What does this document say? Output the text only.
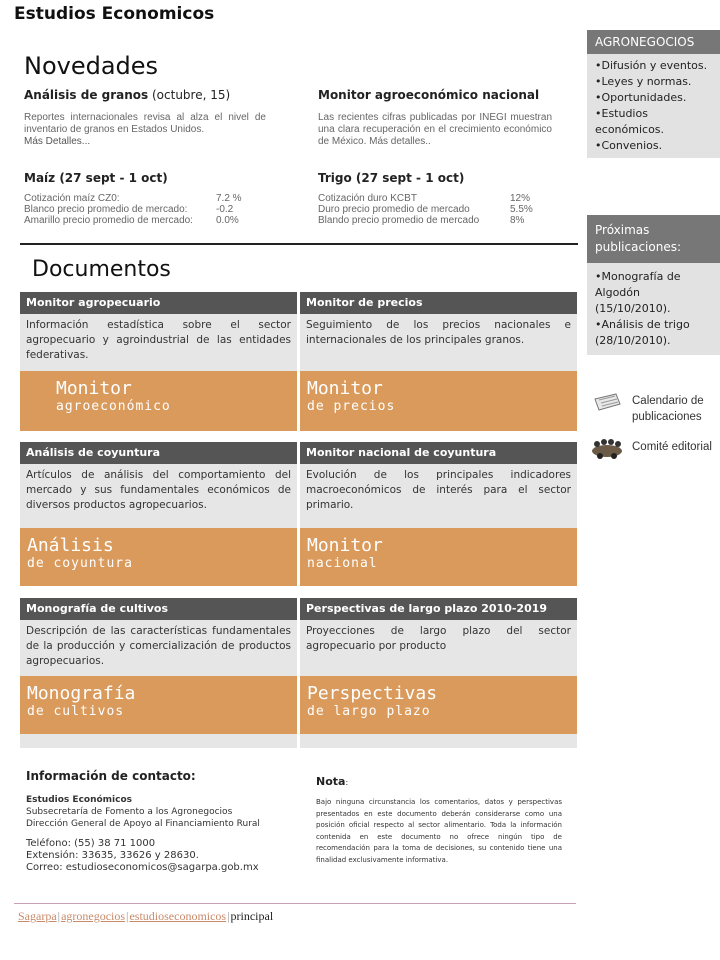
Estudios Economicos
Novedades
Análisis de granos (octubre, 15)
Reportes internacionales revisa al alza el nivel de inventario de granos en Estados Unidos.
Más Detalles...
Monitor agroeconómico nacional
Las recientes cifras publicadas por INEGI muestran una clara recuperación en el crecimiento económico de México. Más detalles..
Maíz (27 sept - 1 oct)
Cotización maíz CZ0:	7.2 %
Blanco precio promedio de mercado:	-0.2
Amarillo precio promedio de mercado:	0.0%
Trigo (27 sept - 1 oct)
Cotización duro KCBT	12%
Duro precio promedio de mercado	5.5%
Blando precio promedio de mercado	8%
Documentos
Monitor agropecuario
Información estadística sobre el sector agropecuario y agroindustrial de las entidades federativas.
Monitor
agroeconómico
Monitor de precios
Seguimiento de los precios nacionales e internacionales de los principales granos.
Monitor
de precios
Análisis de coyuntura
Artículos de análisis del comportamiento del mercado y sus fundamentales económicos de diversos productos agropecuarios.
Análisis
de coyuntura
Monitor nacional de coyuntura
Evolución de los principales indicadores macroeconómicos de interés para el sector primario.
Monitor
nacional
Monografía de cultivos
Descripción de las características fundamentales de la producción y comercialización de productos agropecuarios.
Monografía
de cultivos
Perspectivas de largo plazo 2010-2019
Proyecciones de largo plazo del sector agropecuario por producto
Perspectivas
de largo plazo
AGRONEGOCIOS
•Difusión y eventos.
•Leyes y normas.
•Oportunidades.
•Estudios económicos.
•Convenios.
Próximas publicaciones:
•Monografía de Algodón (15/10/2010).
•Análisis de trigo (28/10/2010).
Calendario de publicaciones
Comité editorial
Información de contacto:
Estudios Económicos
Subsecretaría de Fomento a los Agronegocios
Dirección General de Apoyo al Financiamiento Rural
Teléfono: (55) 38 71 1000
Extensión: 33635, 33626 y 28630.
Correo: estudioseconomicos@sagarpa.gob.mx
Nota:
Bajo ninguna circunstancia los comentarios, datos y perspectivas presentados en este documento deberán considerarse como una posición oficial respecto al sector alimentario. Toda la información contenida en este documento no ofrece ningún tipo de recomendación para la toma de decisiones, su contenido tiene una finalidad exclusivamente informativa.
Sagarpa|agronegocios|estudioseconomicos|principal
